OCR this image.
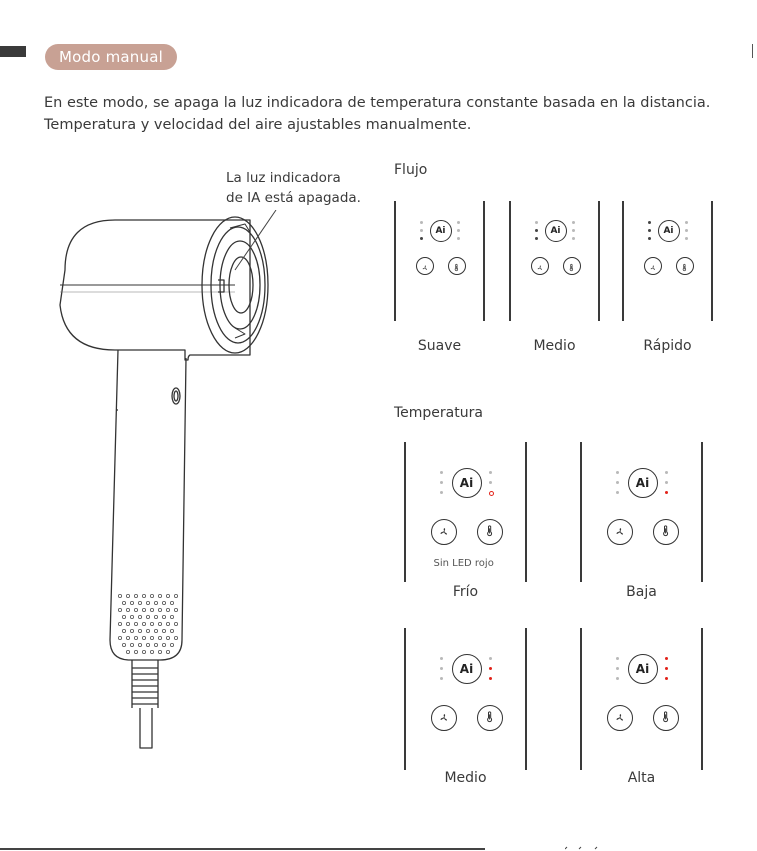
Modo manual

En este modo, se apaga la luz indicadora de temperatura constante basada en la distancia.

Temperatura y velocidad del aire ajustables manualmente.

La luz indicadora
de IA está apagada.
Flujo
Temperatura
Ai
Suave
Ai
Medio
Ai
Rápido
Ai
Sin LED rojo
Frío
Ai
Baja
Ai
Medio
Ai
Alta
